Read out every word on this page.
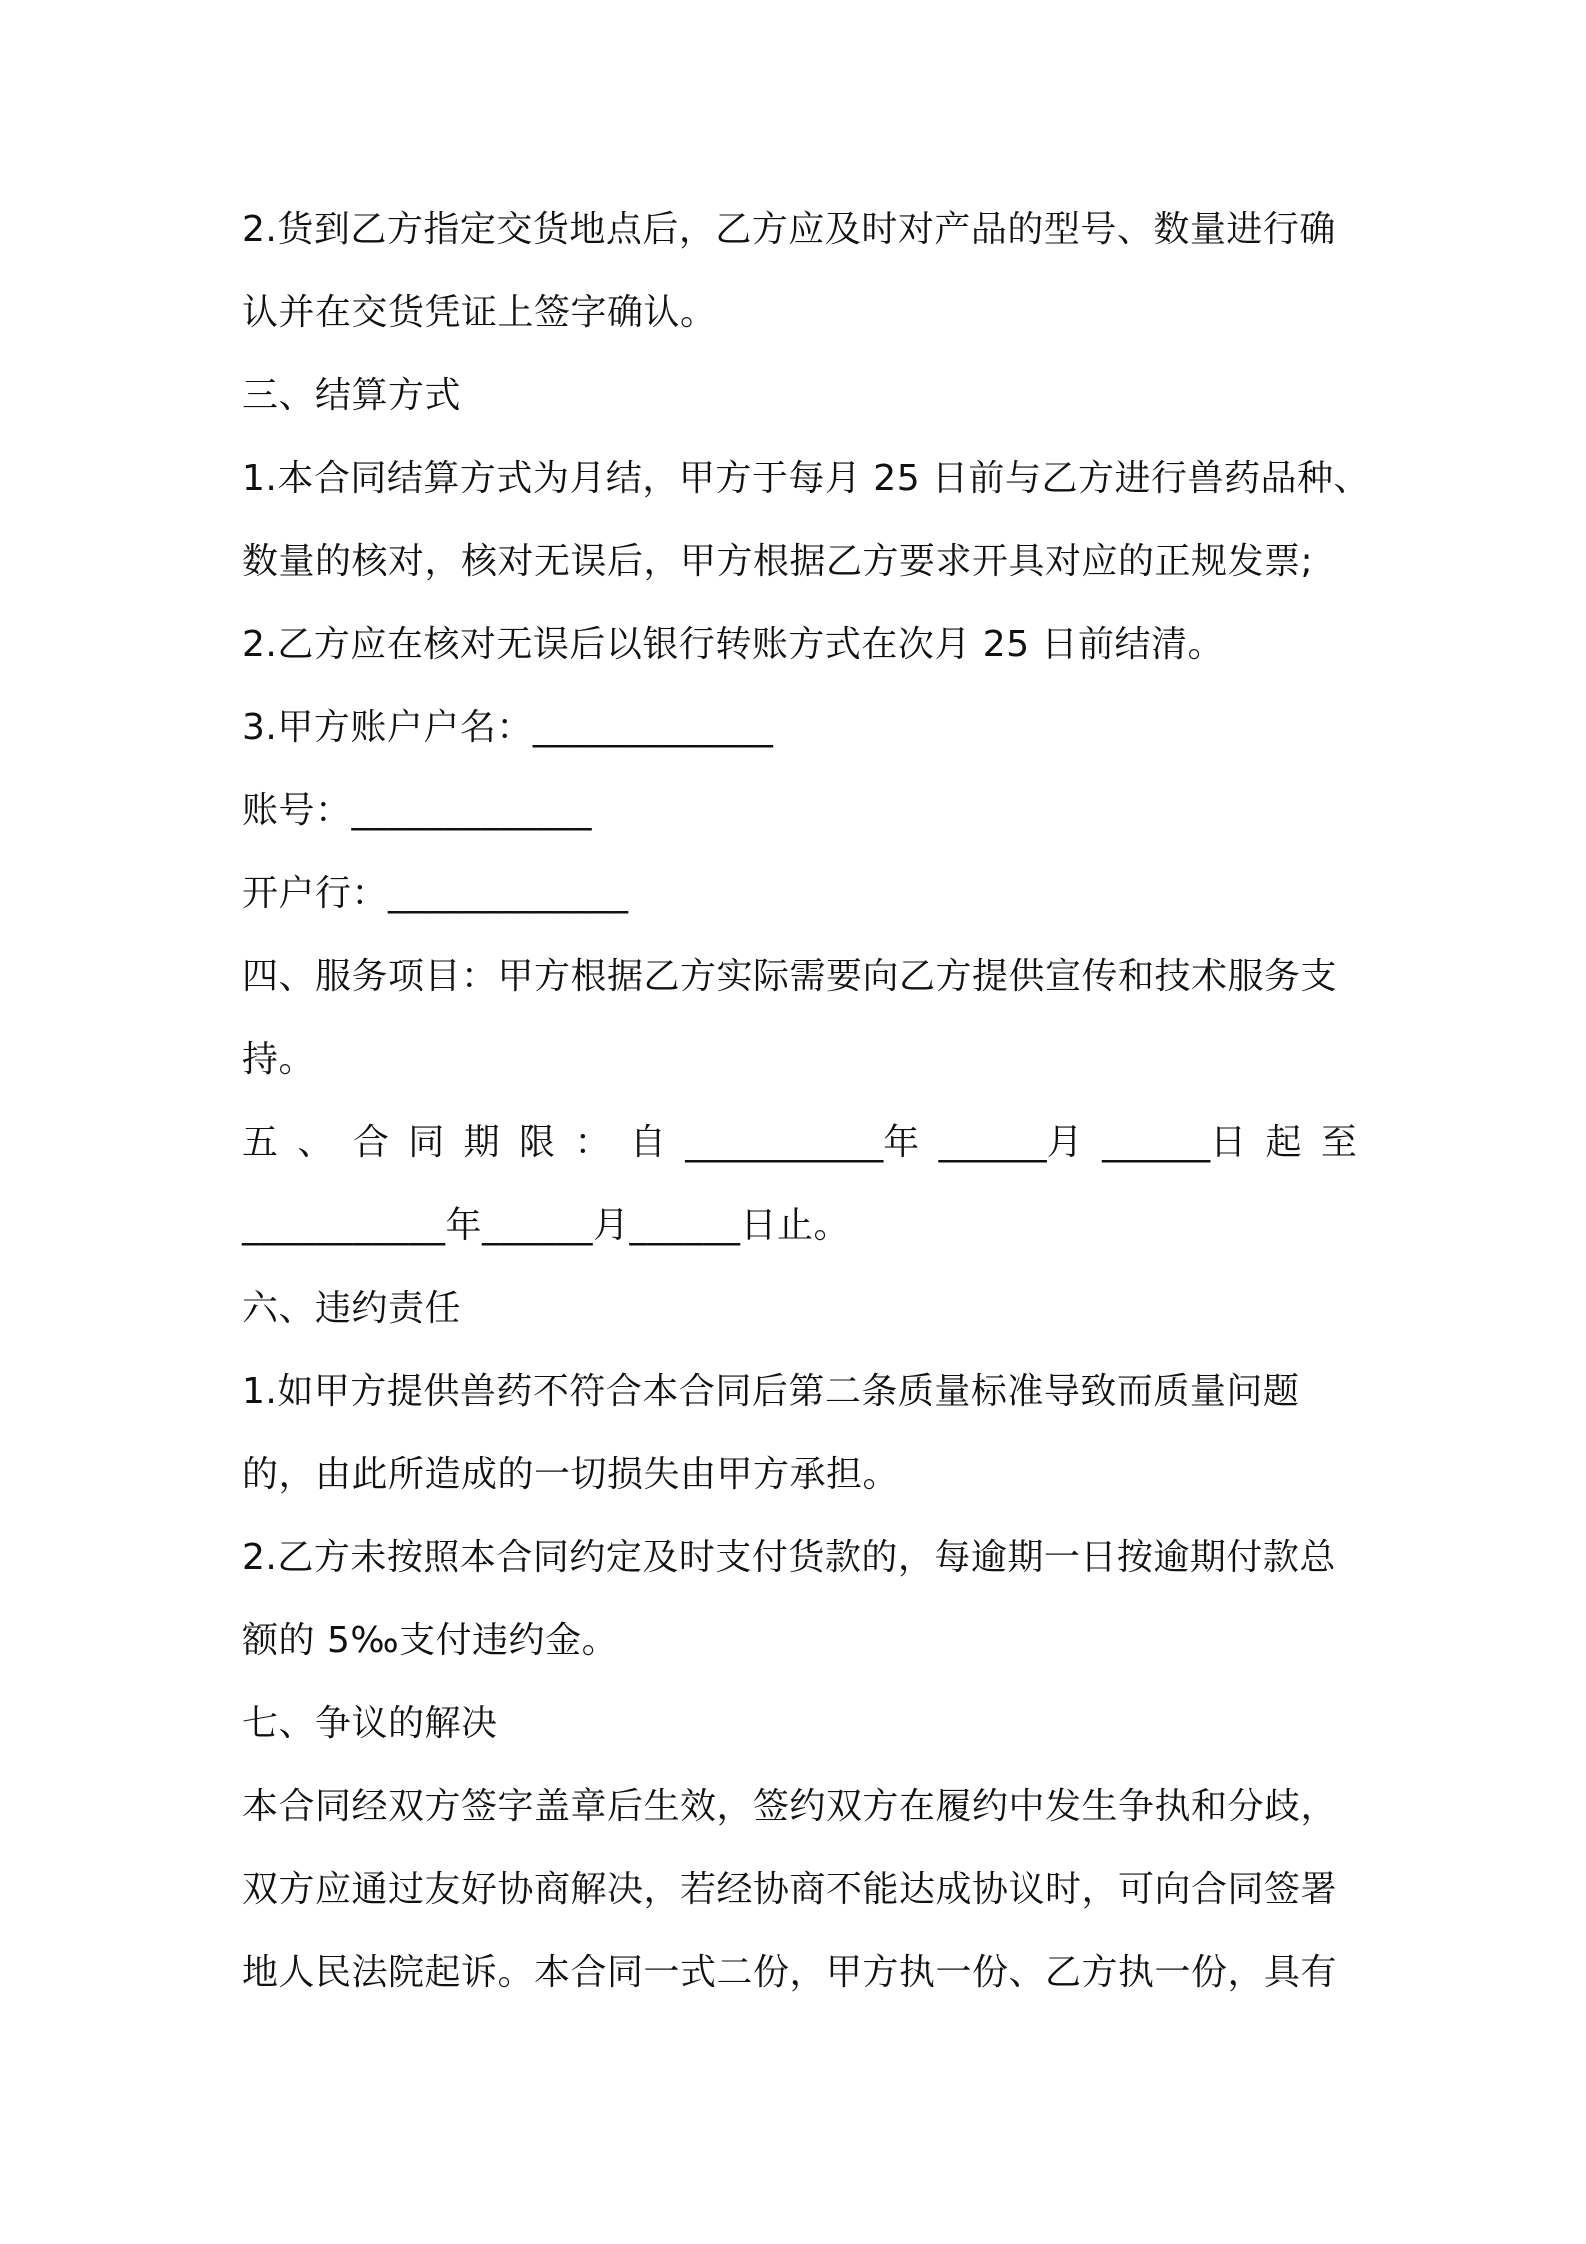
2.货到乙方指定交货地点后，乙方应及时对产品的型号、数量进行确
认并在交货凭证上签字确认。
三、结算方式
1.本合同结算方式为月结，甲方于每月 25 日前与乙方进行兽药品种、
数量的核对，核对无误后，甲方根据乙方要求开具对应的正规发票;
2.乙方应在核对无误后以银行转账方式在次月 25 日前结清。
3.甲方账户户名：_____________
账号：_____________
开户行：_____________
四、服务项目：甲方根据乙方实际需要向乙方提供宣传和技术服务支
持。
五 、 合 同 期 限 ： 自 ___________年 ______月 ______日 起 至
___________年______月______日止。
六、违约责任
1.如甲方提供兽药不符合本合同后第二条质量标准导致而质量问题
的，由此所造成的一切损失由甲方承担。
2.乙方未按照本合同约定及时支付货款的，每逾期一日按逾期付款总
额的 5‰支付违约金。
七、争议的解决
本合同经双方签字盖章后生效，签约双方在履约中发生争执和分歧，
双方应通过友好协商解决，若经协商不能达成协议时，可向合同签署
地人民法院起诉。本合同一式二份，甲方执一份、乙方执一份，具有
